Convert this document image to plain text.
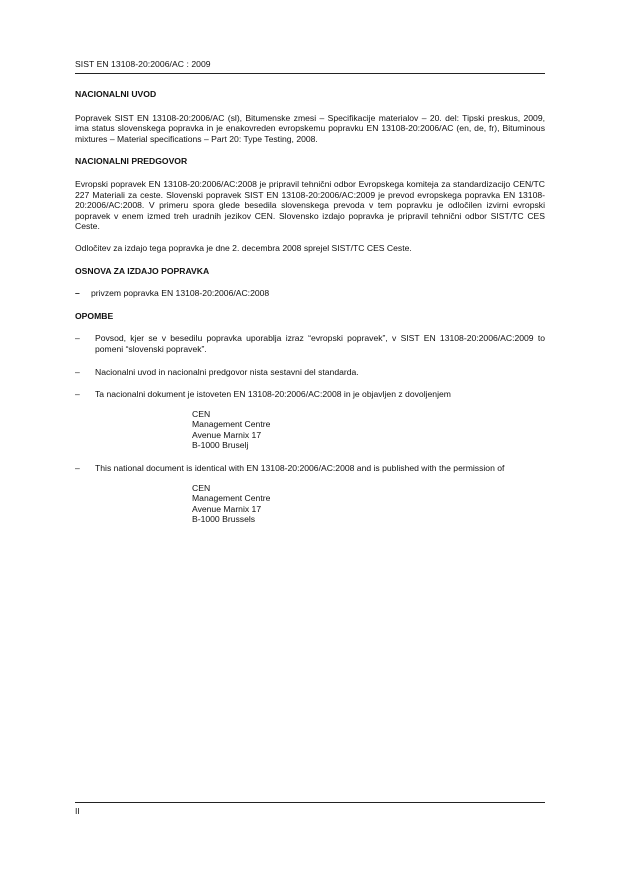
SIST EN 13108-20:2006/AC : 2009
NACIONALNI UVOD

Popravek SIST EN 13108-20:2006/AC (sl), Bitumenske zmesi – Specifikacije materialov – 20. del: Tipski preskus, 2009, ima status slovenskega popravka in je enakovreden evropskemu popravku EN 13108-20:2006/AC (en, de, fr), Bituminous mixtures – Material specifications – Part 20: Type Testing, 2008.

NACIONALNI PREDGOVOR

Evropski popravek EN 13108-20:2006/AC:2008 je pripravil tehnični odbor Evropskega komiteja za standardizacijo CEN/TC 227 Materiali za ceste. Slovenski popravek SIST EN 13108-20:2006/AC:2009 je prevod evropskega popravka EN 13108-20:2006/AC:2008. V primeru spora glede besedila slovenskega prevoda v tem popravku je odločilen izvirni evropski popravek v enem izmed treh uradnih jezikov CEN. Slovensko izdajo popravka je pripravil tehnični odbor SIST/TC CES Ceste.

Odločitev za izdajo tega popravka je dne 2. decembra 2008 sprejel SIST/TC CES Ceste.

OSNOVA ZA IZDAJO POPRAVKA
–	privzem popravka EN 13108-20:2006/AC:2008
OPOMBE
–	Povsod, kjer se v besedilu popravka uporablja izraz “evropski popravek”, v SIST EN 13108-20:2006/AC:2009 to pomeni “slovenski popravek”.

–	Nacionalni uvod in nacionalni predgovor nista sestavni del standarda.

–	Ta nacionalni dokument je istoveten EN 13108-20:2006/AC:2008 in je objavljen z dovoljenjem

CEN
Management Centre
Avenue Marnix 17
B-1000 Bruselj
–	This national document is identical with EN 13108-20:2006/AC:2008 and is published with the permission of

CEN
Management Centre
Avenue Marnix 17
B-1000 Brussels
II
